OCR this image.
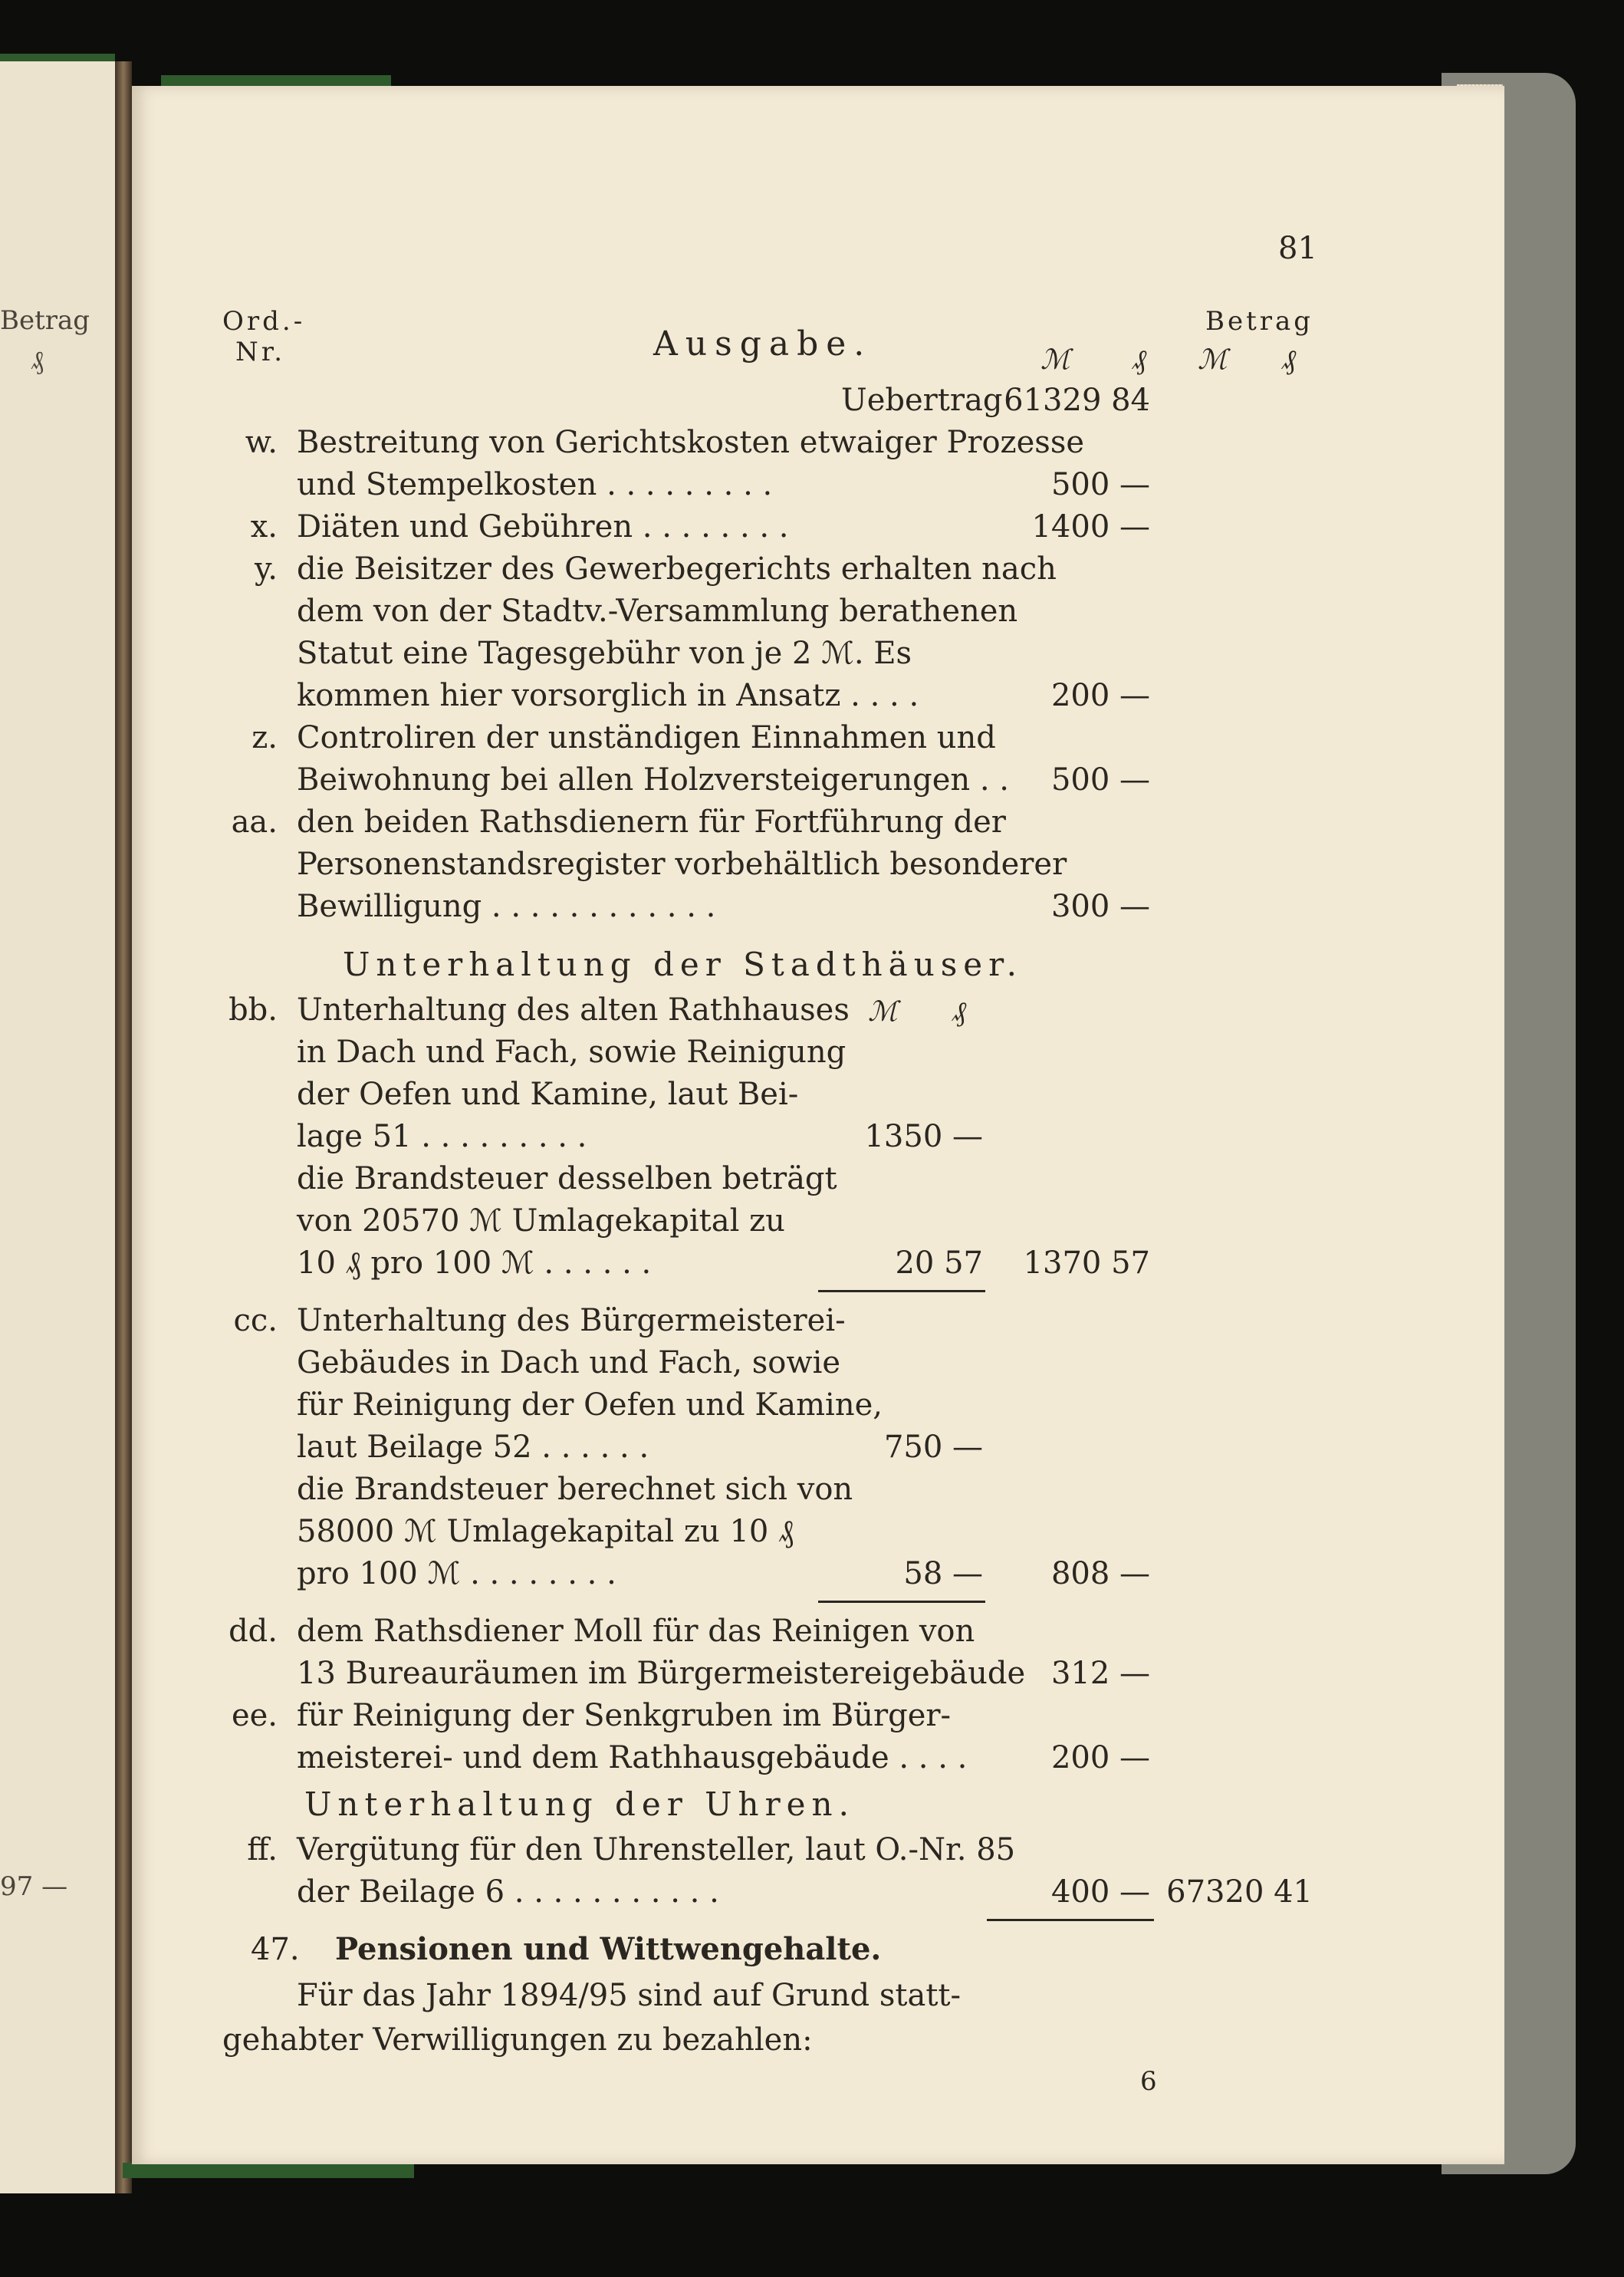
Betrag
₰
97 —
81
Ord.-
Nr.	Ausgabe.
Betrag
ℳ ₰ ℳ ₰
Uebertrag 61329 84
w. Bestreitung von Gerichtskosten etwaiger Prozesse
und Stempelkosten . . . . . . . . .	500 —
x. Diäten und Gebühren . . . . . . . .	1400 —
y. die Beisitzer des Gewerbegerichts erhalten nach
dem von der Stadtv.-Versammlung berathenen
Statut eine Tagesgebühr von je 2 ℳ. Es
kommen hier vorsorglich in Ansatz . . . .	200 —
z. Controliren der unständigen Einnahmen und
Beiwohnung bei allen Holzversteigerungen . .	500 —
aa. den beiden Rathsdienern für Fortführung der
Personenstandsregister vorbehältlich besonderer
Bewilligung . . . . . . . . . . . .	300 —
Unterhaltung der Stadthäuser.
bb. Unterhaltung des alten Rathhauses ℳ ₰
in Dach und Fach, sowie Reinigung
der Oefen und Kamine, laut Bei-
lage 51 . . . . . . . . .	1350 —
die Brandsteuer desselben beträgt
von 20570 ℳ Umlagekapital zu
10 ₰ pro 100 ℳ . . . . . .	20 57	1370 57
cc. Unterhaltung des Bürgermeisterei-
Gebäudes in Dach und Fach, sowie
für Reinigung der Oefen und Kamine,
laut Beilage 52 . . . . . .	750 —
die Brandsteuer berechnet sich von
58000 ℳ Umlagekapital zu 10 ₰
pro 100 ℳ . . . . . . . .	58 —	808 —
dd. dem Rathsdiener Moll für das Reinigen von
13 Bureauräumen im Bürgermeistereigebäude 312 —
ee. für Reinigung der Senkgruben im Bürger-
meisterei- und dem Rathhausgebäude . . . .	200 —
Unterhaltung der Uhren.
ff. Vergütung für den Uhrensteller, laut O.-Nr. 85
der Beilage 6 . . . . . . . . . . .	400 — 67320 41
47. Pensionen und Wittwengehalte.
Für das Jahr 1894/95 sind auf Grund statt-
gehabter Verwilligungen zu bezahlen:
6
